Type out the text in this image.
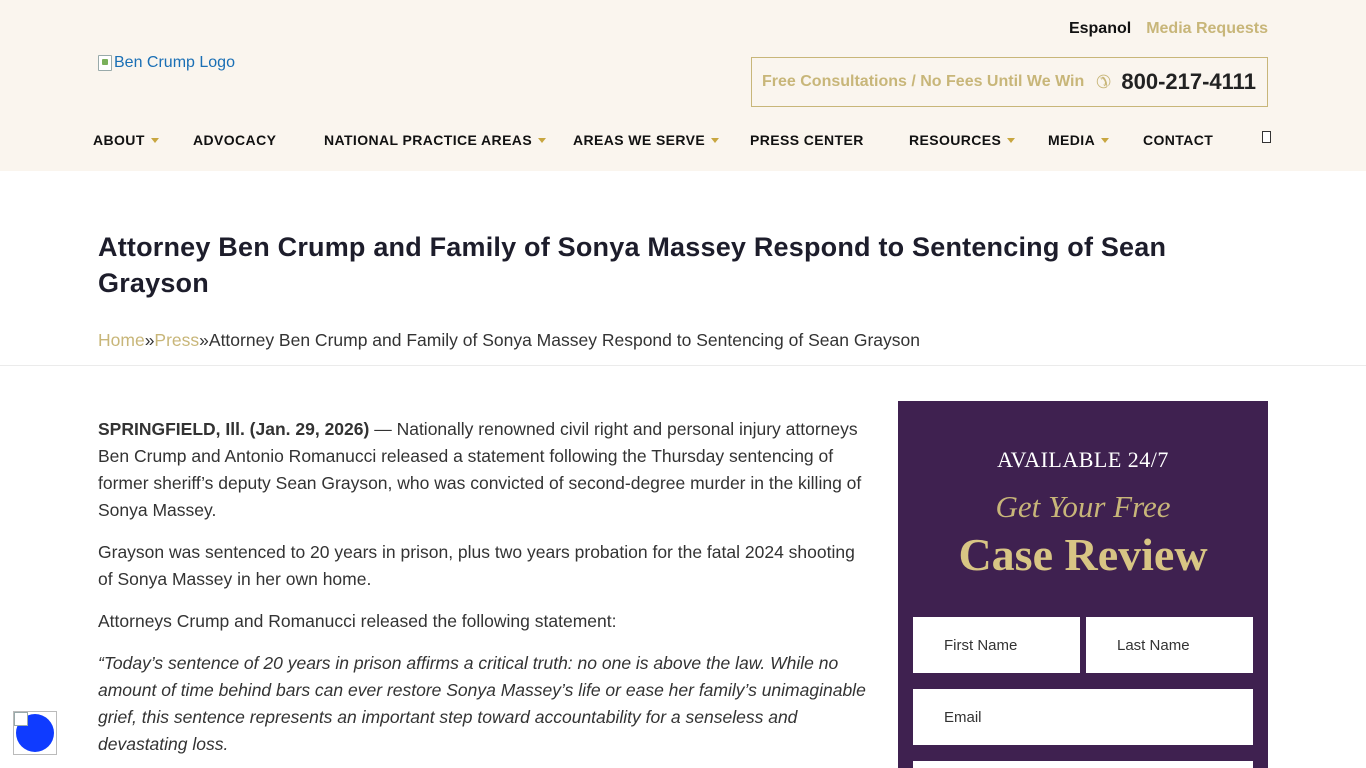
Ben Crump Logo
Espanol Media Requests
Free Consultations / No Fees Until We Win ✆ 800-217-4111
ABOUT	ADVOCACY	NATIONAL PRACTICE AREAS	AREAS WE SERVE	PRESS CENTER	RESOURCES	MEDIA	CONTACT
Attorney Ben Crump and Family of Sonya Massey Respond to Sentencing of Sean Grayson
Home»Press»Attorney Ben Crump and Family of Sonya Massey Respond to Sentencing of Sean Grayson

SPRINGFIELD, Ill. (Jan. 29, 2026) — Nationally renowned civil right and personal injury attorneys Ben Crump and Antonio Romanucci released a statement following the Thursday sentencing of former sheriff’s deputy Sean Grayson, who was convicted of second-degree murder in the killing of Sonya Massey.

Grayson was sentenced to 20 years in prison, plus two years probation for the fatal 2024 shooting of Sonya Massey in her own home.

Attorneys Crump and Romanucci released the following statement:

“Today’s sentence of 20 years in prison affirms a critical truth: no one is above the law. While no amount of time behind bars can ever restore Sonya Massey’s life or ease her family’s unimaginable grief, this sentence represents an important step toward accountability for a senseless and devastating loss.

AVAILABLE 24/7
Get Your Free
Case Review
First Name	Last Name
Email
